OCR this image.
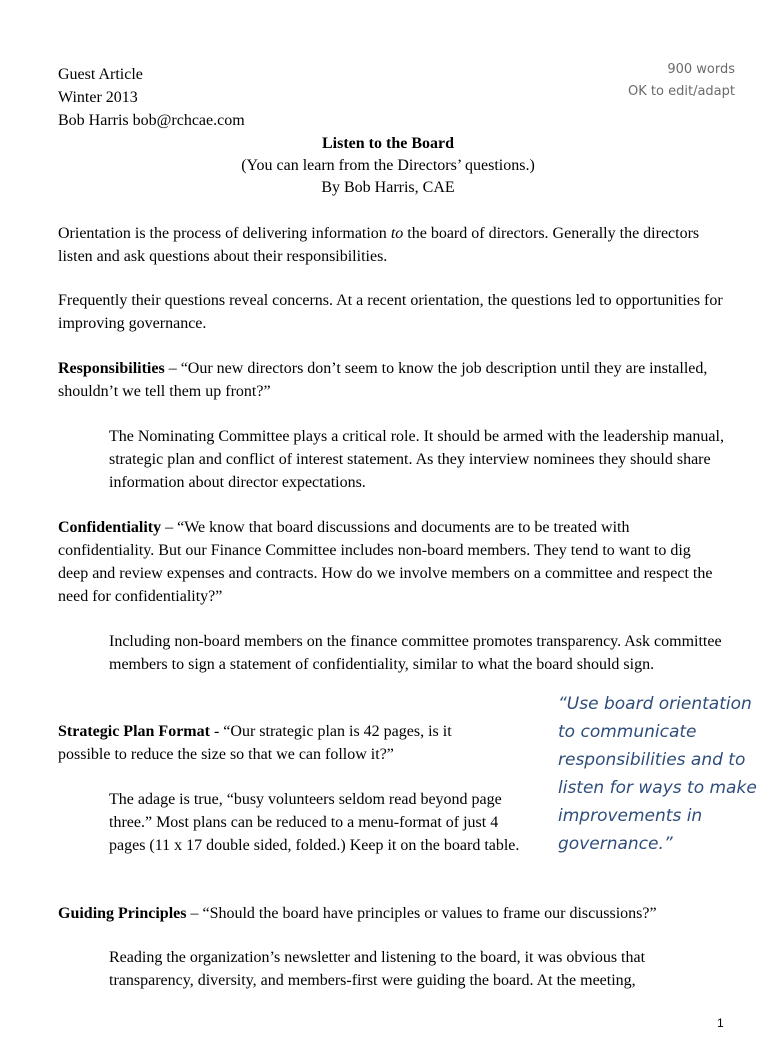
Guest Article
Winter 2013
Bob Harris bob@rchcae.com
900 words
OK to edit/adapt
Listen to the Board
(You can learn from the Directors’ questions.)
By Bob Harris, CAE
Orientation is the process of delivering information to the board of directors. Generally the directors listen and ask questions about their responsibilities.
Frequently their questions reveal concerns. At a recent orientation, the questions led to opportunities for improving governance.
Responsibilities – “Our new directors don’t seem to know the job description until they are installed, shouldn’t we tell them up front?”
The Nominating Committee plays a critical role. It should be armed with the leadership manual, strategic plan and conflict of interest statement. As they interview nominees they should share information about director expectations.
Confidentiality – “We know that board discussions and documents are to be treated with confidentiality. But our Finance Committee includes non-board members. They tend to want to dig deep and review expenses and contracts. How do we involve members on a committee and respect the need for confidentiality?”
Including non-board members on the finance committee promotes transparency. Ask committee members to sign a statement of confidentiality, similar to what the board should sign.
Strategic Plan Format - “Our strategic plan is 42 pages, is it possible to reduce the size so that we can follow it?”
The adage is true, “busy volunteers seldom read beyond page three.” Most plans can be reduced to a menu-format of just 4 pages (11 x 17 double sided, folded.) Keep it on the board table.
“Use board orientation to communicate responsibilities and to listen for ways to make improvements in governance.”
Guiding Principles – “Should the board have principles or values to frame our discussions?”
Reading the organization’s newsletter and listening to the board, it was obvious that transparency, diversity, and members-first were guiding the board. At the meeting,
1
